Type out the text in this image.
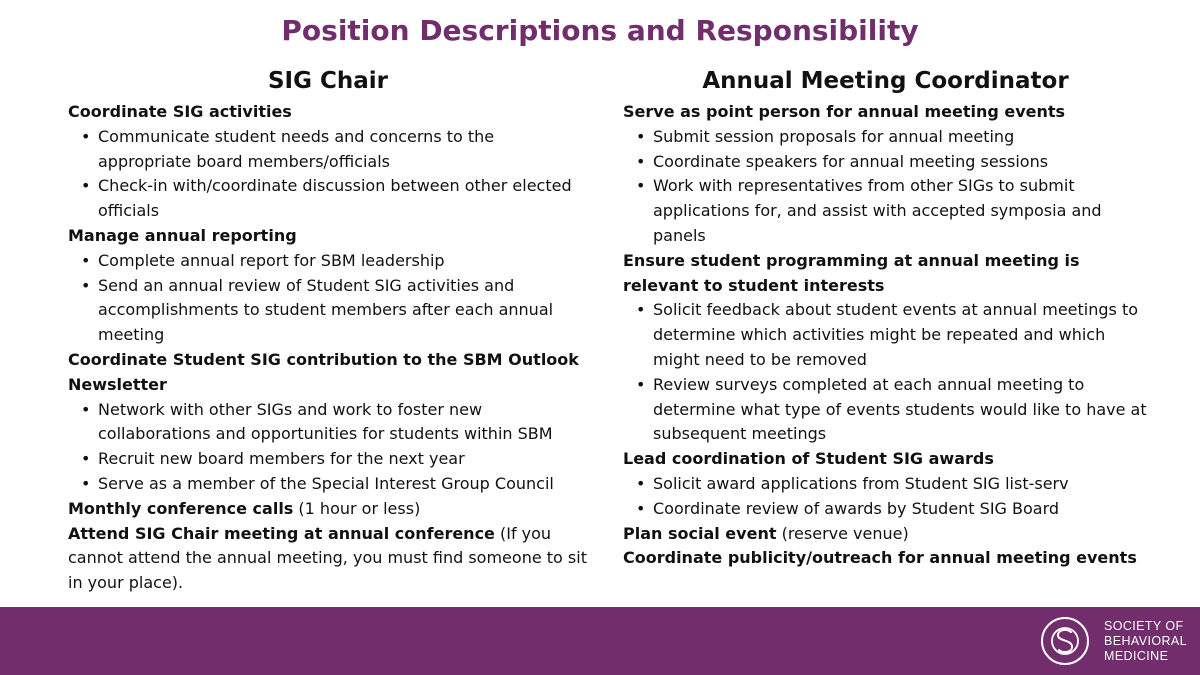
Position Descriptions and Responsibility
SIG Chair
Coordinate SIG activities
• Communicate student needs and concerns to the appropriate board members/officials
• Check-in with/coordinate discussion between other elected officials
Manage annual reporting
• Complete annual report for SBM leadership
• Send an annual review of Student SIG activities and accomplishments to student members after each annual meeting
Coordinate Student SIG contribution to the SBM Outlook Newsletter
• Network with other SIGs and work to foster new collaborations and opportunities for students within SBM
• Recruit new board members for the next year
• Serve as a member of the Special Interest Group Council
Monthly conference calls (1 hour or less)
Attend SIG Chair meeting at annual conference (If you cannot attend the annual meeting, you must find someone to sit in your place).
Annual Meeting Coordinator
Serve as point person for annual meeting events
• Submit session proposals for annual meeting
• Coordinate speakers for annual meeting sessions
• Work with representatives from other SIGs to submit applications for, and assist with accepted symposia and panels
Ensure student programming at annual meeting is relevant to student interests
• Solicit feedback about student events at annual meetings to determine which activities might be repeated and which might need to be removed
• Review surveys completed at each annual meeting to determine what type of events students would like to have at subsequent meetings
Lead coordination of Student SIG awards
• Solicit award applications from Student SIG list-serv
• Coordinate review of awards by Student SIG Board
Plan social event (reserve venue)
Coordinate publicity/outreach for annual meeting events
SOCIETY OF
BEHAVIORAL
MEDICINE
